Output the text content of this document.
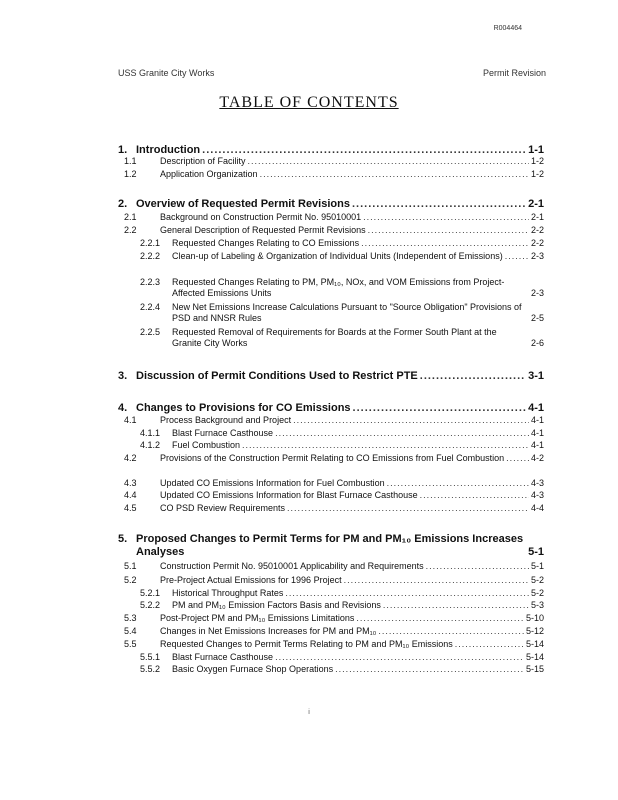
R004464
USS Granite City Works	Permit Revision
TABLE OF CONTENTS
1. Introduction .....	1-1
1.1	Description of Facility .....	1-2
1.2	Application Organization .....	1-2
2. Overview of Requested Permit Revisions .....	2-1
2.1	Background on Construction Permit No. 95010001 .....	2-1
2.2	General Description of Requested Permit Revisions .....	2-2
2.2.1 Requested Changes Relating to CO Emissions .....	2-2
2.2.2 Clean-up of Labeling & Organization of Individual Units (Independent of Emissions) .....	2-3
2.2.3 Requested Changes Relating to PM, PM₁₀, NOx, and VOM Emissions from Project-Affected Emissions Units	2-3
2.2.4 New Net Emissions Increase Calculations Pursuant to "Source Obligation" Provisions of PSD and NNSR Rules	2-5
2.2.5 Requested Removal of Requirements for Boards at the Former South Plant at the Granite City Works	2-6
3. Discussion of Permit Conditions Used to Restrict PTE .....	3-1
4. Changes to Provisions for CO Emissions .....	4-1
4.1	Process Background and Project .....	4-1
4.1.1 Blast Furnace Casthouse .....	4-1
4.1.2 Fuel Combustion .....	4-1
4.2	Provisions of the Construction Permit Relating to CO Emissions from Fuel Combustion .....	4-2
4.3	Updated CO Emissions Information for Fuel Combustion .....	4-3
4.4	Updated CO Emissions Information for Blast Furnace Casthouse .....	4-3
4.5	CO PSD Review Requirements .....	4-4
5. Proposed Changes to Permit Terms for PM and PM₁₀ Emissions Increases Analyses	5-1
5.1	Construction Permit No. 95010001 Applicability and Requirements .....	5-1
5.2	Pre-Project Actual Emissions for 1996 Project .....	5-2
5.2.1 Historical Throughput Rates .....	5-2
5.2.2 PM and PM₁₀ Emission Factors Basis and Revisions .....	5-3
5.3	Post-Project PM and PM₁₀ Emissions Limitations .....	5-10
5.4	Changes in Net Emissions Increases for PM and PM₁₀ .....	5-12
5.5	Requested Changes to Permit Terms Relating to PM and PM₁₀ Emissions .....	5-14
5.5.1 Blast Furnace Casthouse .....	5-14
5.5.2 Basic Oxygen Furnace Shop Operations .....	5-15
i
